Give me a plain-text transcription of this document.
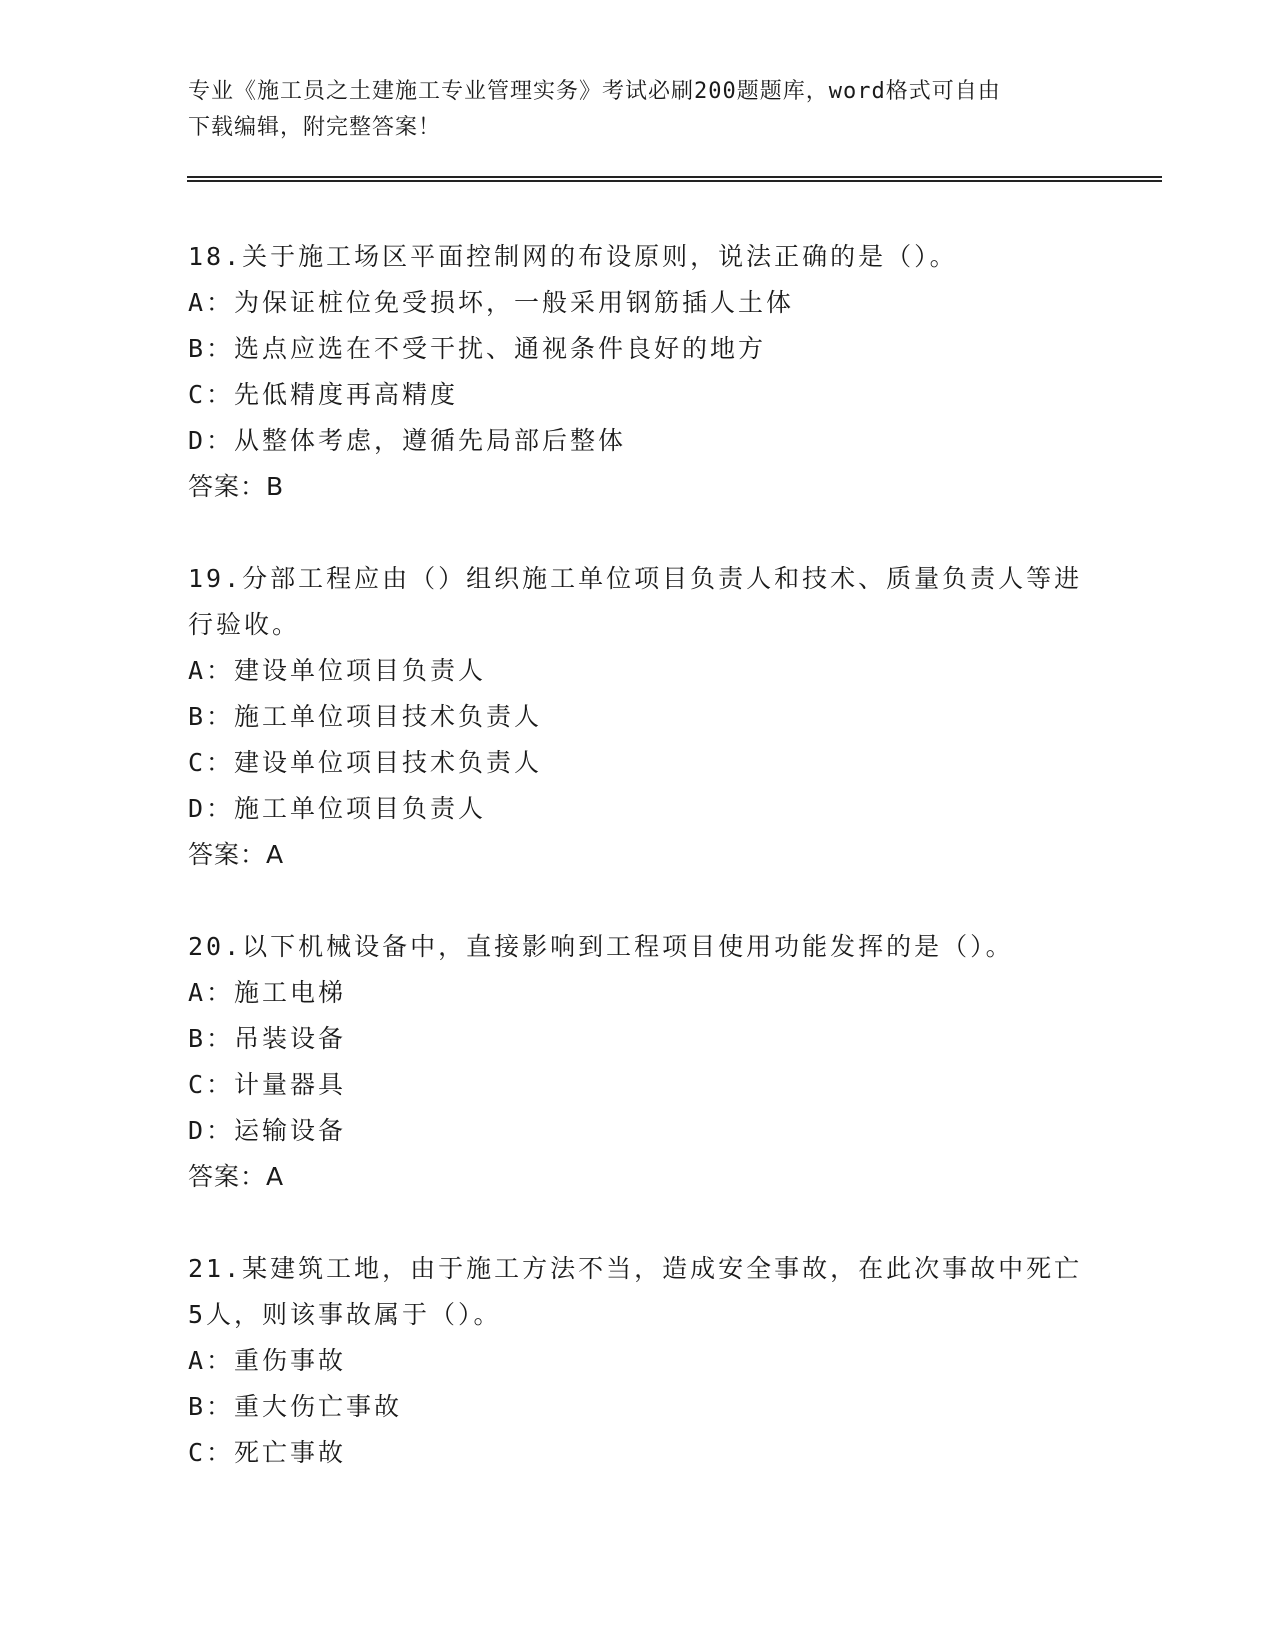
专业《施工员之土建施工专业管理实务》考试必刷200题题库，word格式可自由
下载编辑，附完整答案！
18.关于施工场区平面控制网的布设原则，说法正确的是（）。
A：为保证桩位免受损坏，一般采用钢筋插人土体
B：选点应选在不受干扰、通视条件良好的地方
C：先低精度再高精度
D：从整体考虑，遵循先局部后整体
答案：B
19.分部工程应由（）组织施工单位项目负责人和技术、质量负责人等进行验收。
A：建设单位项目负责人
B：施工单位项目技术负责人
C：建设单位项目技术负责人
D：施工单位项目负责人
答案：A
20.以下机械设备中，直接影响到工程项目使用功能发挥的是（）。
A：施工电梯
B：吊装设备
C：计量器具
D：运输设备
答案：A
21.某建筑工地，由于施工方法不当，造成安全事故，在此次事故中死亡5人，则该事故属于（）。
A：重伤事故
B：重大伤亡事故
C：死亡事故
